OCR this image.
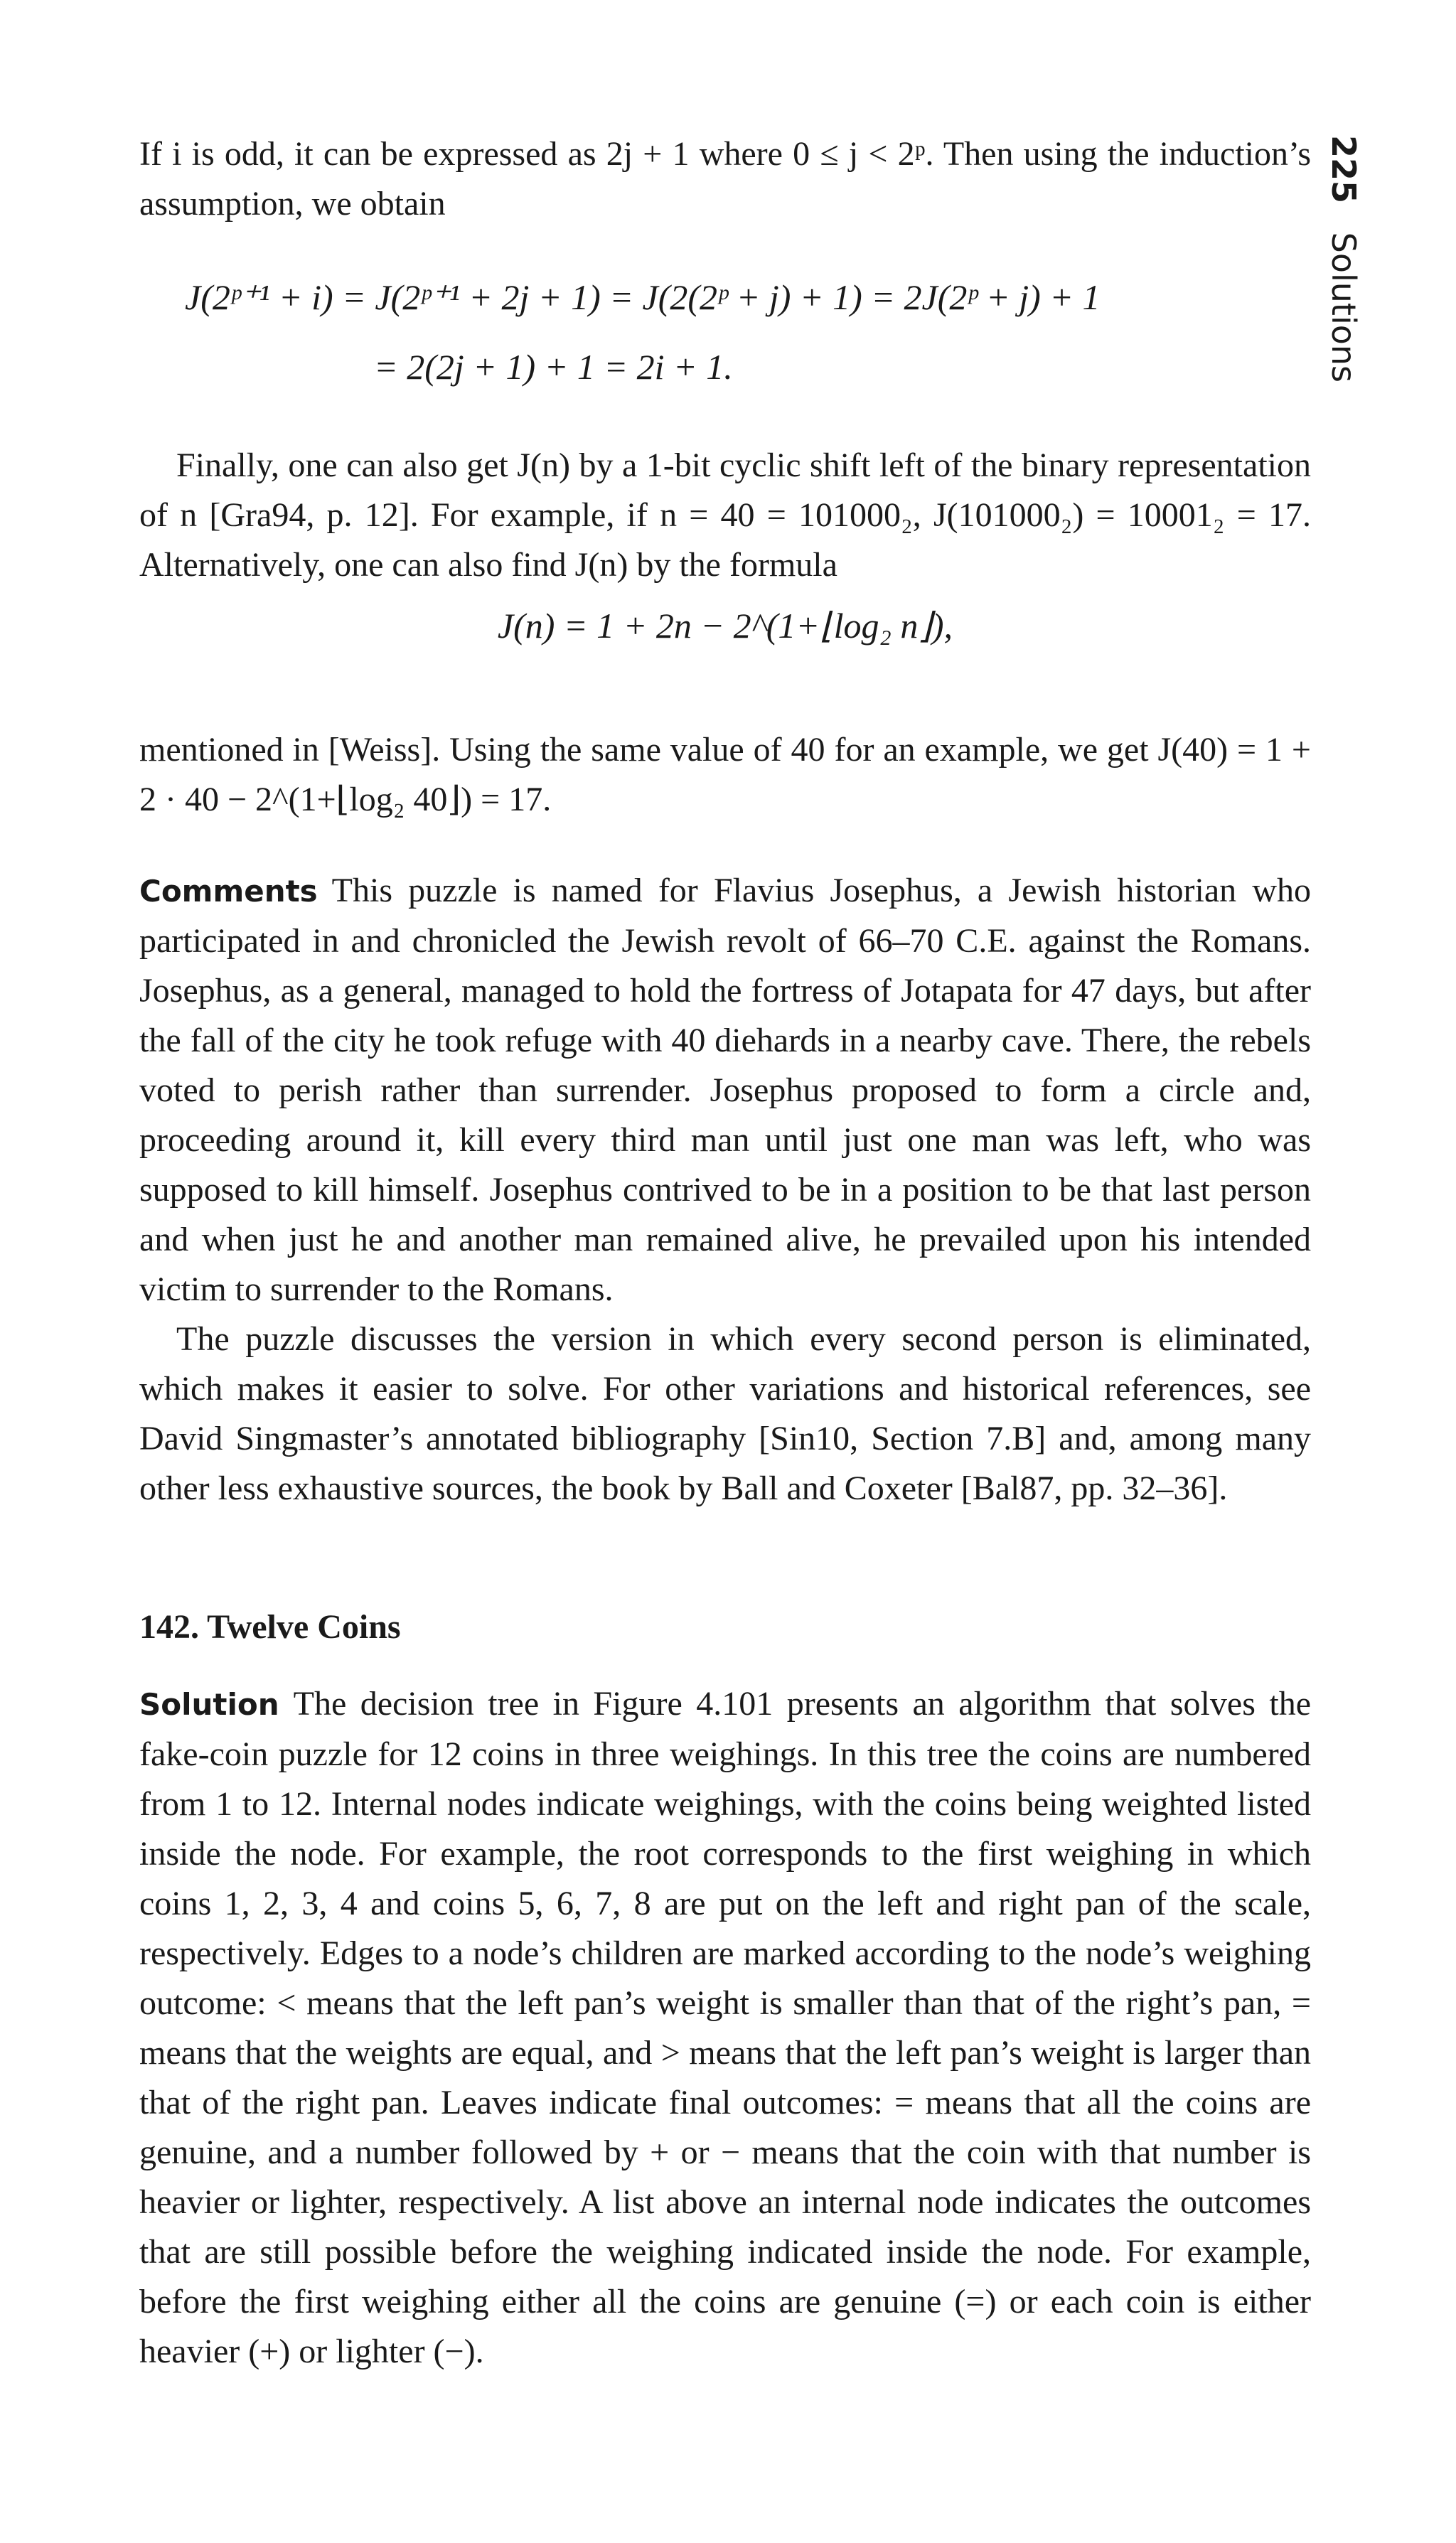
225 Solutions

If i is odd, it can be expressed as 2j + 1 where 0 ≤ j < 2ᵖ. Then using the induction’s assumption, we obtain

J(2ᵖ⁺¹ + i) = J(2ᵖ⁺¹ + 2j + 1) = J(2(2ᵖ + j) + 1) = 2J(2ᵖ + j) + 1
= 2(2j + 1) + 1 = 2i + 1.

Finally, one can also get J(n) by a 1-bit cyclic shift left of the binary representation of n [Gra94, p. 12]. For example, if n = 40 = 101000₂, J(101000₂) = 10001₂ = 17. Alternatively, one can also find J(n) by the formula

J(n) = 1 + 2n − 2^(1+⌊log₂ n⌋),

mentioned in [Weiss]. Using the same value of 40 for an example, we get J(40) = 1 + 2 · 40 − 2^(1+⌊log₂ 40⌋) = 17.

Comments This puzzle is named for Flavius Josephus, a Jewish historian who participated in and chronicled the Jewish revolt of 66–70 C.E. against the Romans. Josephus, as a general, managed to hold the fortress of Jotapata for 47 days, but after the fall of the city he took refuge with 40 diehards in a nearby cave. There, the rebels voted to perish rather than surrender. Josephus proposed to form a circle and, proceeding around it, kill every third man until just one man was left, who was supposed to kill himself. Josephus contrived to be in a position to be that last person and when just he and another man remained alive, he prevailed upon his intended victim to surrender to the Romans.

The puzzle discusses the version in which every second person is eliminated, which makes it easier to solve. For other variations and historical references, see David Singmaster’s annotated bibliography [Sin10, Section 7.B] and, among many other less exhaustive sources, the book by Ball and Coxeter [Bal87, pp. 32–36].

142. Twelve Coins

Solution The decision tree in Figure 4.101 presents an algorithm that solves the fake-coin puzzle for 12 coins in three weighings. In this tree the coins are numbered from 1 to 12. Internal nodes indicate weighings, with the coins being weighted listed inside the node. For example, the root corresponds to the first weighing in which coins 1, 2, 3, 4 and coins 5, 6, 7, 8 are put on the left and right pan of the scale, respectively. Edges to a node’s children are marked according to the node’s weighing outcome: < means that the left pan’s weight is smaller than that of the right’s pan, = means that the weights are equal, and > means that the left pan’s weight is larger than that of the right pan. Leaves indicate final outcomes: = means that all the coins are genuine, and a number followed by + or − means that the coin with that number is heavier or lighter, respectively. A list above an internal node indicates the outcomes that are still possible before the weighing indicated inside the node. For example, before the first weighing either all the coins are genuine (=) or each coin is either heavier (+) or lighter (−).
